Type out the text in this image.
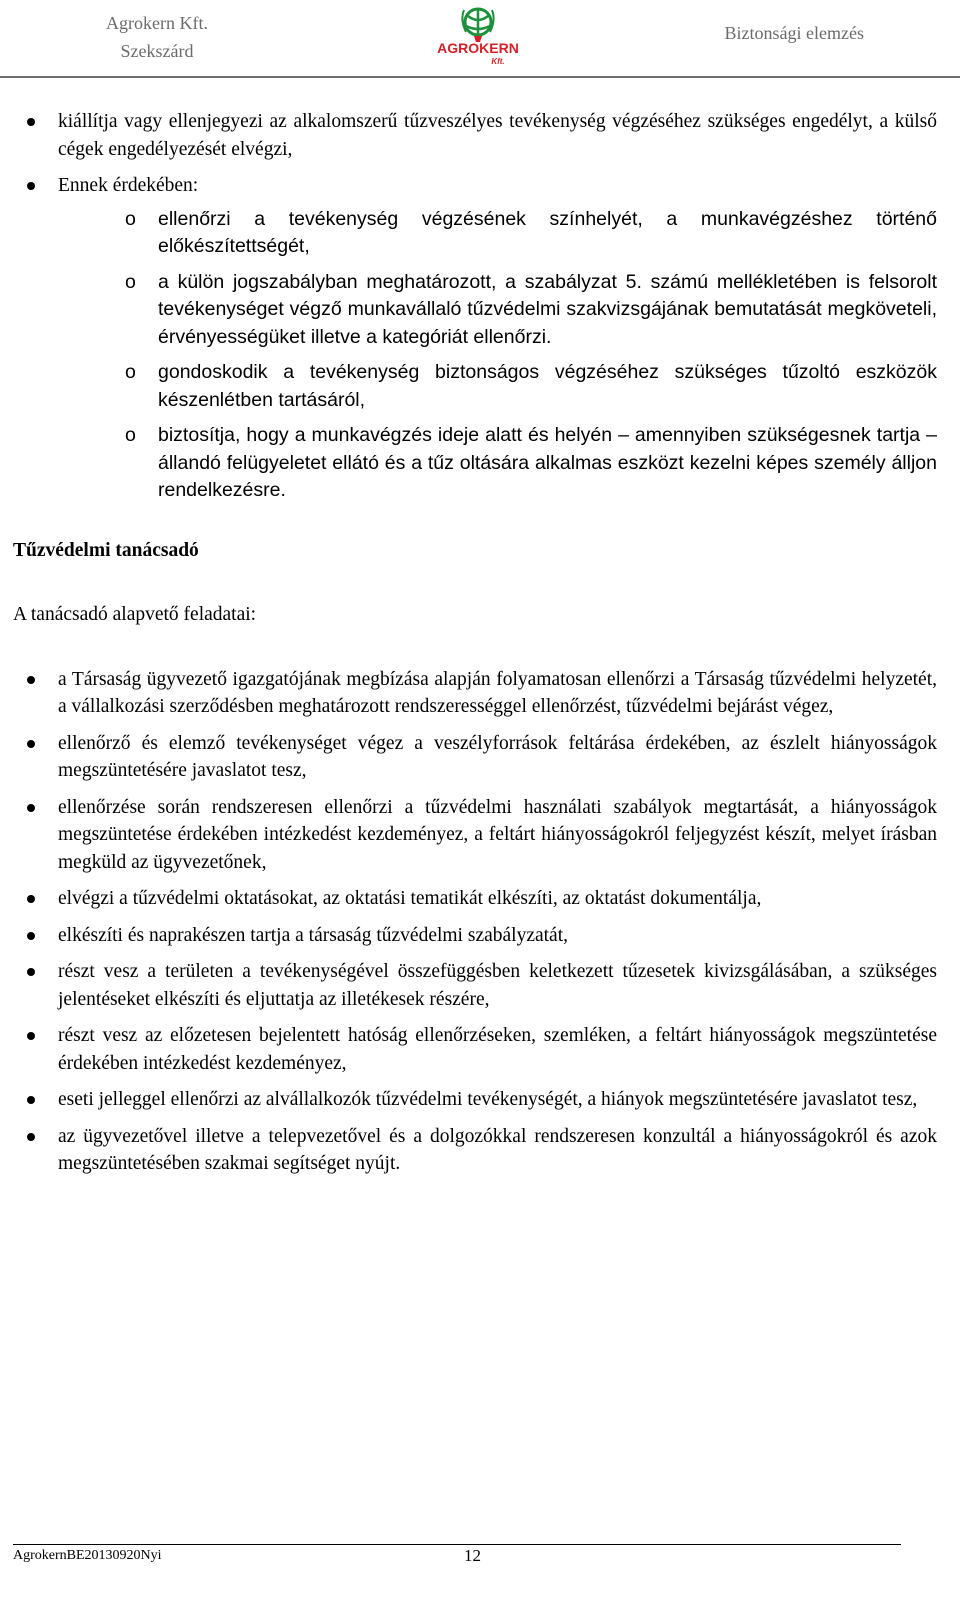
Agrokern Kft.
Szekszárd	AGROKERN
Kft.
Biztonsági elemzés
kiállítja vagy ellenjegyezi az alkalomszerű tűzveszélyes tevékenység végzéséhez szükséges engedélyt, a külső cégek engedélyezését elvégzi,
Ennek érdekében:
o ellenőrzi a tevékenység végzésének színhelyét, a munkavégzéshez történő előkészítettségét,
o a külön jogszabályban meghatározott, a szabályzat 5. számú mellékletében is felsorolt tevékenységet végző munkavállaló tűzvédelmi szakvizsgájának bemutatását megköveteli, érvényességüket illetve a kategóriát ellenőrzi.
o gondoskodik a tevékenység biztonságos végzéséhez szükséges tűzoltó eszközök készenlétben tartásáról,
o biztosítja, hogy a munkavégzés ideje alatt és helyén – amennyiben szükségesnek tartja – állandó felügyeletet ellátó és a tűz oltására alkalmas eszközt kezelni képes személy álljon rendelkezésre.
Tűzvédelmi tanácsadó
A tanácsadó alapvető feladatai:
a Társaság ügyvezető igazgatójának megbízása alapján folyamatosan ellenőrzi a Társaság tűzvédelmi helyzetét, a vállalkozási szerződésben meghatározott rendszerességgel ellenőrzést, tűzvédelmi bejárást végez,
ellenőrző és elemző tevékenységet végez a veszélyforrások feltárása érdekében, az észlelt hiányosságok megszüntetésére javaslatot tesz,
ellenőrzése során rendszeresen ellenőrzi a tűzvédelmi használati szabályok megtartását, a hiányosságok megszüntetése érdekében intézkedést kezdeményez, a feltárt hiányosságokról feljegyzést készít, melyet írásban megküld az ügyvezetőnek,
elvégzi a tűzvédelmi oktatásokat, az oktatási tematikát elkészíti, az oktatást dokumentálja,
elkészíti és naprakészen tartja a társaság tűzvédelmi szabályzatát,
részt vesz a területen a tevékenységével összefüggésben keletkezett tűzesetek kivizsgálásában, a szükséges jelentéseket elkészíti és eljuttatja az illetékesek részére,
részt vesz az előzetesen bejelentett hatóság ellenőrzéseken, szemléken, a feltárt hiányosságok megszüntetése érdekében intézkedést kezdeményez,
eseti jelleggel ellenőrzi az alvállalkozók tűzvédelmi tevékenységét, a hiányok megszüntetésére javaslatot tesz,
az ügyvezetővel illetve a telepvezetővel és a dolgozókkal rendszeresen konzultál a hiányosságokról és azok megszüntetésében szakmai segítséget nyújt.
AgrokernBE20130920Nyi	12
